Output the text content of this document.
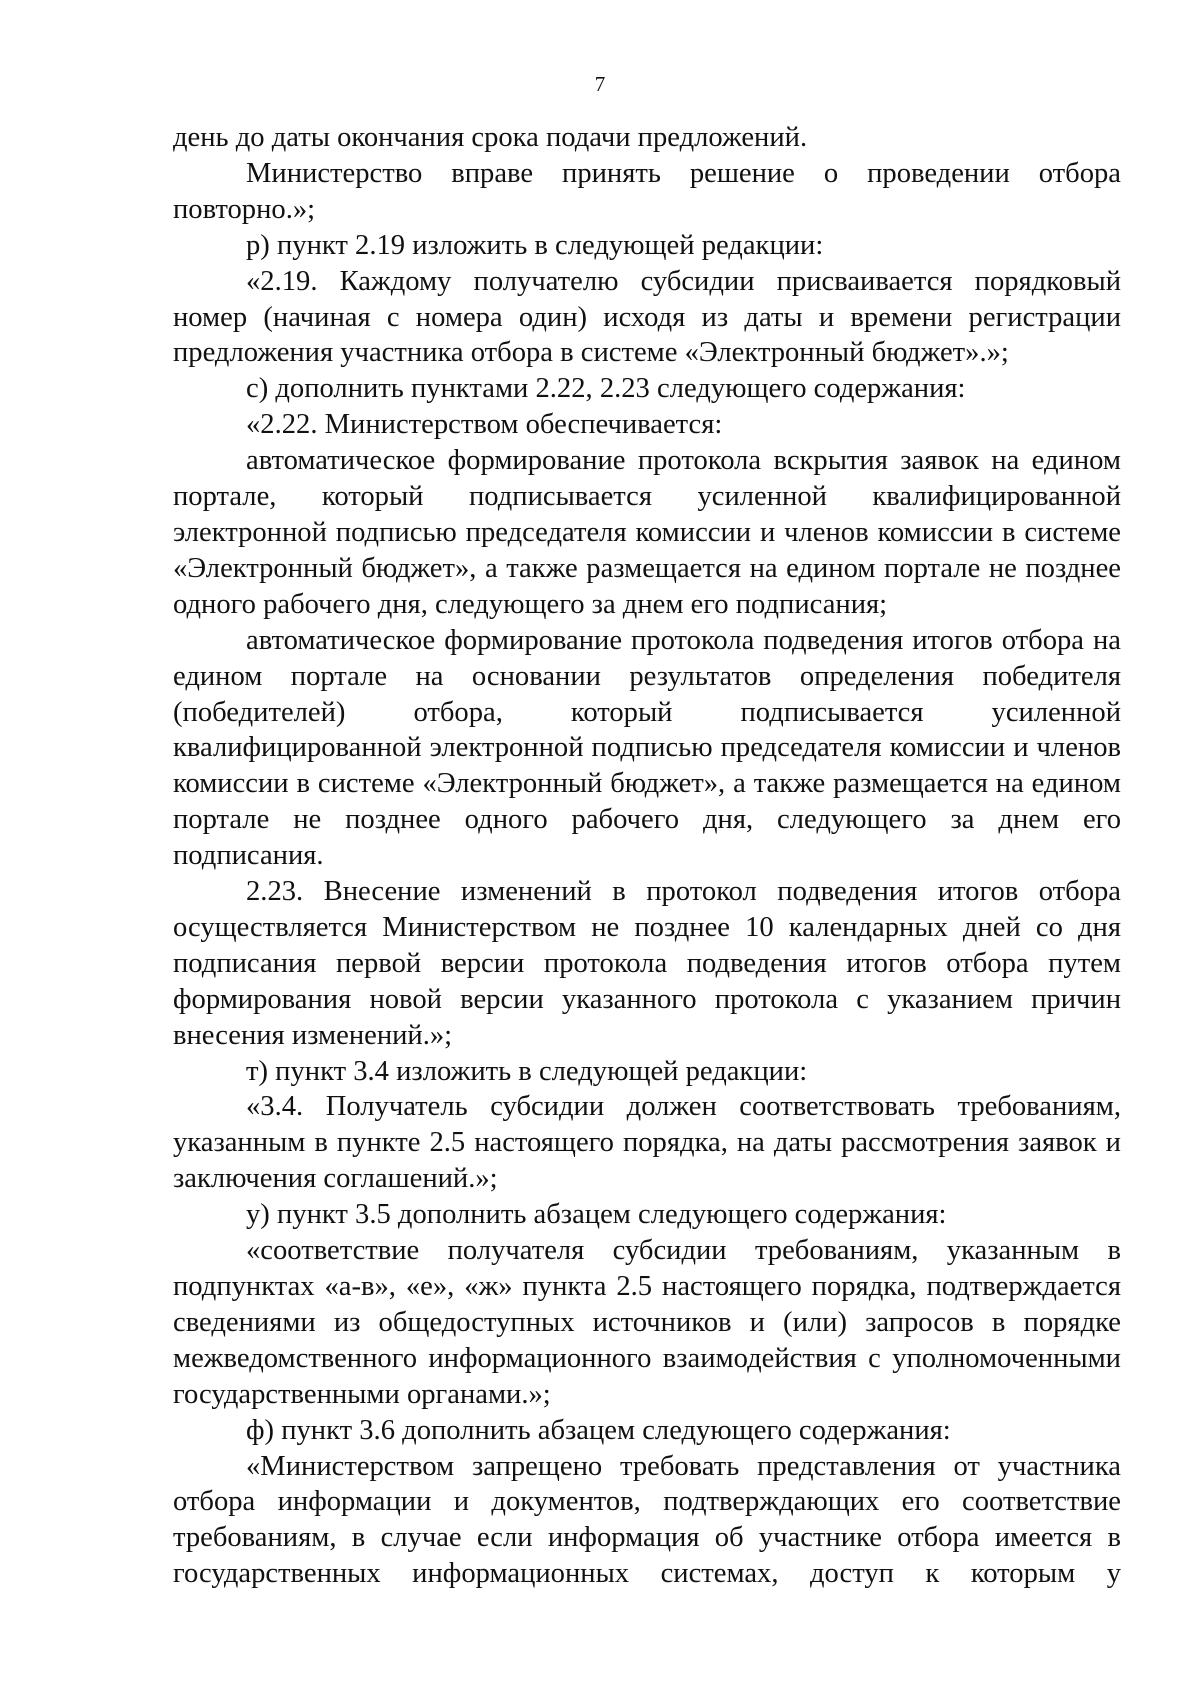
7

день до даты окончания срока подачи предложений.

Министерство вправе принять решение о проведении отбора повторно.»;

р) пункт 2.19 изложить в следующей редакции:

«2.19. Каждому получателю субсидии присваивается порядковый номер (начиная с номера один) исходя из даты и времени регистрации предложения участника отбора в системе «Электронный бюджет».»;

с) дополнить пунктами 2.22, 2.23 следующего содержания:

«2.22. Министерством обеспечивается:

автоматическое формирование протокола вскрытия заявок на едином портале, который подписывается усиленной квалифицированной электронной подписью председателя комиссии и членов комиссии в системе «Электронный бюджет», а также размещается на едином портале не позднее одного рабочего дня, следующего за днем его подписания;

автоматическое формирование протокола подведения итогов отбора на едином портале на основании результатов определения победителя (победителей) отбора, который подписывается усиленной квалифицированной электронной подписью председателя комиссии и членов комиссии в системе «Электронный бюджет», а также размещается на едином портале не позднее одного рабочего дня, следующего за днем его подписания.

2.23. Внесение изменений в протокол подведения итогов отбора осуществляется Министерством не позднее 10 календарных дней со дня подписания первой версии протокола подведения итогов отбора путем формирования новой версии указанного протокола с указанием причин внесения изменений.»;

т) пункт 3.4 изложить в следующей редакции:

«3.4. Получатель субсидии должен соответствовать требованиям, указанным в пункте 2.5 настоящего порядка, на даты рассмотрения заявок и заключения соглашений.»;

у) пункт 3.5 дополнить абзацем следующего содержания:

«соответствие получателя субсидии требованиям, указанным в подпунктах «а-в», «е», «ж» пункта 2.5 настоящего порядка, подтверждается сведениями из общедоступных источников и (или) запросов в порядке межведомственного информационного взаимодействия с уполномоченными государственными органами.»;

ф) пункт 3.6 дополнить абзацем следующего содержания:

«Министерством запрещено требовать представления от участника отбора информации и документов, подтверждающих его соответствие требованиям, в случае если информация об участнике отбора имеется в государственных информационных системах, доступ к которым у
